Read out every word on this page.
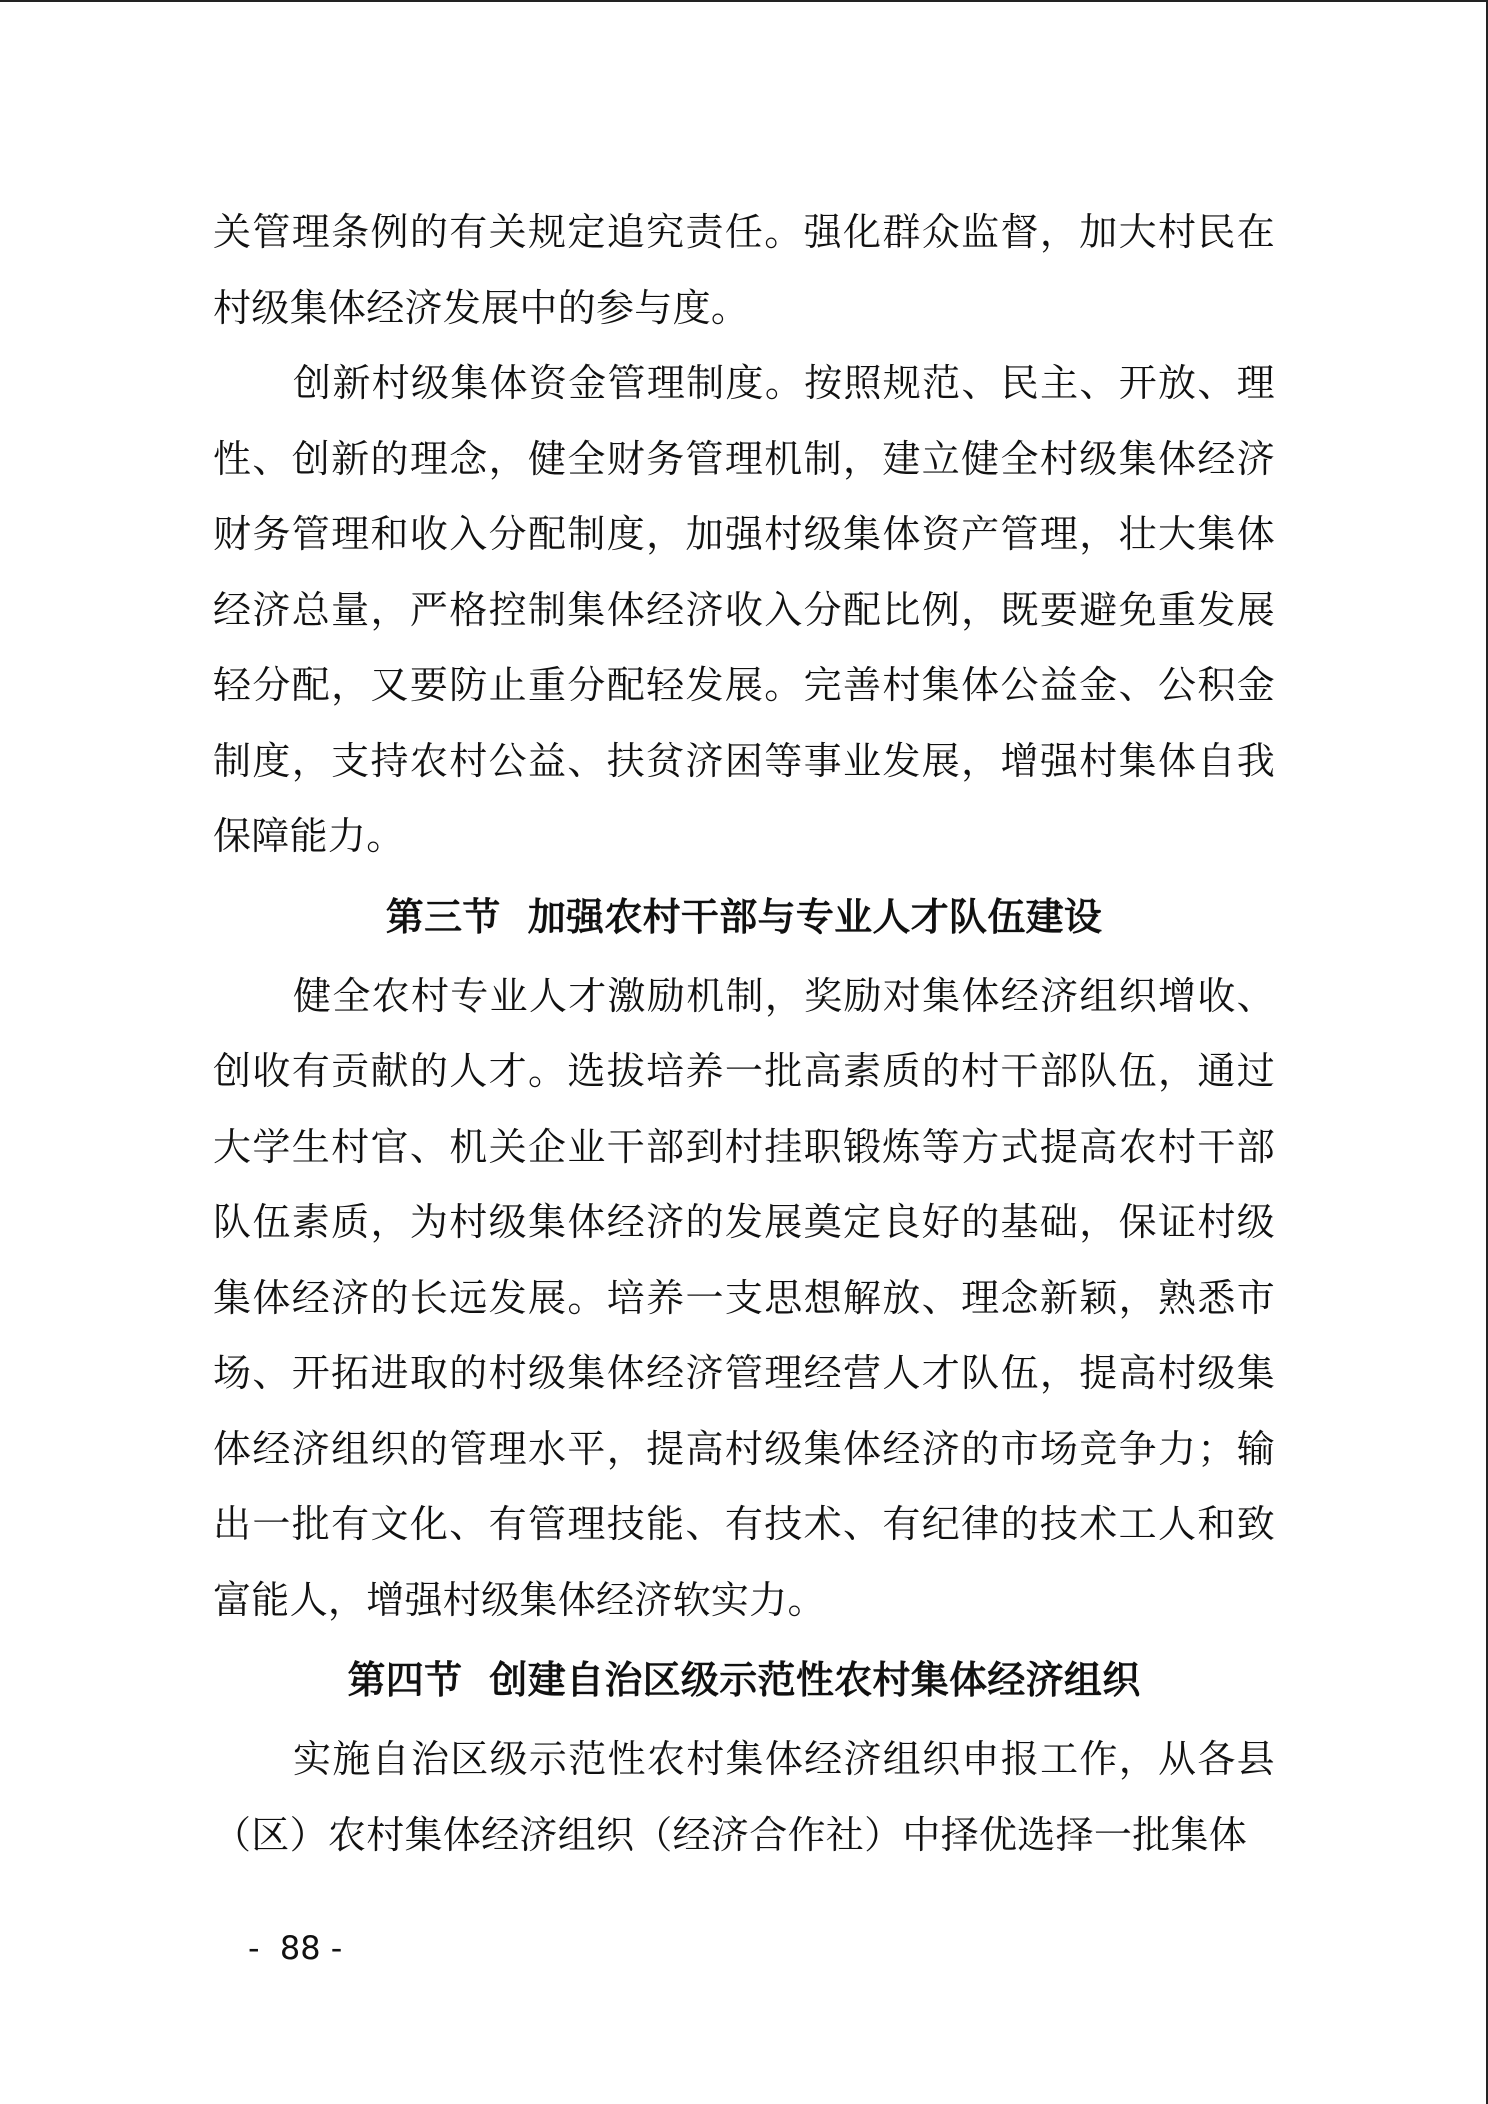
关管理条例的有关规定追究责任。强化群众监督，加大村民在村级集体经济发展中的参与度。

创新村级集体资金管理制度。按照规范、民主、开放、理性、创新的理念，健全财务管理机制，建立健全村级集体经济财务管理和收入分配制度，加强村级集体资产管理，壮大集体经济总量，严格控制集体经济收入分配比例，既要避免重发展轻分配，又要防止重分配轻发展。完善村集体公益金、公积金制度，支持农村公益、扶贫济困等事业发展，增强村集体自我保障能力。

第三节  加强农村干部与专业人才队伍建设

健全农村专业人才激励机制，奖励对集体经济组织增收、创收有贡献的人才。选拔培养一批高素质的村干部队伍，通过大学生村官、机关企业干部到村挂职锻炼等方式提高农村干部队伍素质，为村级集体经济的发展奠定良好的基础，保证村级集体经济的长远发展。培养一支思想解放、理念新颖，熟悉市场、开拓进取的村级集体经济管理经营人才队伍，提高村级集体经济组织的管理水平，提高村级集体经济的市场竞争力；输出一批有文化、有管理技能、有技术、有纪律的技术工人和致富能人，增强村级集体经济软实力。

第四节  创建自治区级示范性农村集体经济组织

实施自治区级示范性农村集体经济组织申报工作，从各县（区）农村集体经济组织（经济合作社）中择优选择一批集体

-  88 -
